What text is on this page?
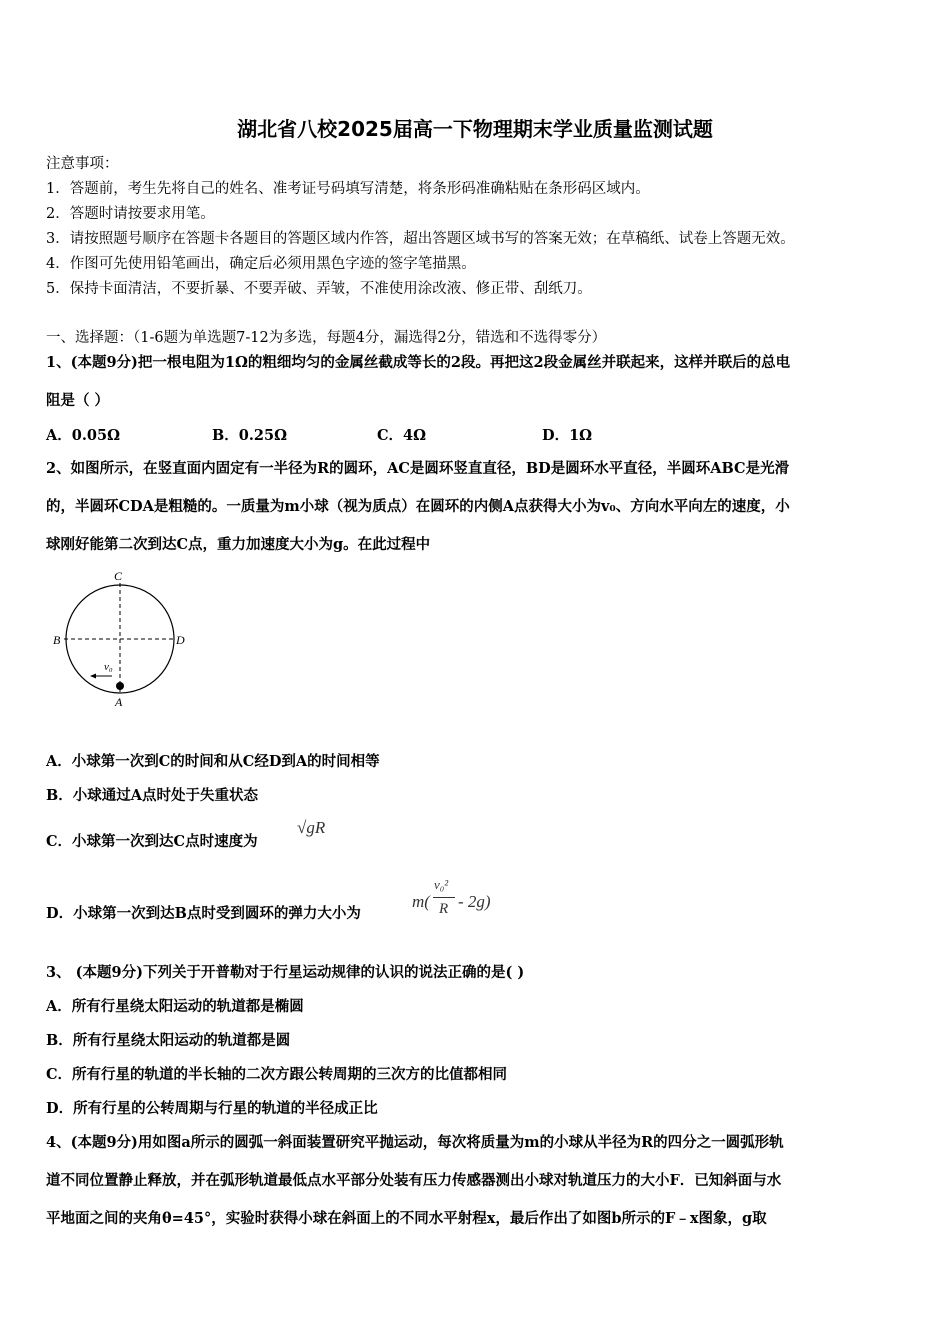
湖北省八校2025届高一下物理期末学业质量监测试题
注意事项：
1．答题前，考生先将自己的姓名、准考证号码填写清楚，将条形码准确粘贴在条形码区域内。
2．答题时请按要求用笔。
3．请按照题号顺序在答题卡各题目的答题区域内作答，超出答题区域书写的答案无效；在草稿纸、试卷上答题无效。
4．作图可先使用铅笔画出，确定后必须用黑色字迹的签字笔描黑。
5．保持卡面清洁，不要折暴、不要弄破、弄皱，不准使用涂改液、修正带、刮纸刀。
一、选择题：（1-6题为单选题7-12为多选，每题4分，漏选得2分，错选和不选得零分）
1、(本题9分)把一根电阻为1Ω的粗细均匀的金属丝截成等长的2段。再把这2段金属丝并联起来，这样并联后的总电
阻是（ ）
A．0.05Ω	B．0.25Ω	C．4Ω	D．1Ω
2、如图所示，在竖直面内固定有一半径为R的圆环，AC是圆环竖直直径，BD是圆环水平直径，半圆环ABC是光滑
的，半圆环CDA是粗糙的。一质量为m小球（视为质点）在圆环的内侧A点获得大小为v₀、方向水平向左的速度，小
球刚好能第二次到达C点，重力加速度大小为g。在此过程中
C
B	D
A
v₀
A．小球第一次到C的时间和从C经D到A的时间相等
B．小球通过A点时处于失重状态
C．小球第一次到达C点时速度为
√gR
D．小球第一次到达B点时受到圆环的弹力大小为
m(
v₀²
R - 2g)
3、 (本题9分)下列关于开普勒对于行星运动规律的认识的说法正确的是( )
A．所有行星绕太阳运动的轨道都是椭圆
B．所有行星绕太阳运动的轨道都是圆
C．所有行星的轨道的半长轴的二次方跟公转周期的三次方的比值都相同
D．所有行星的公转周期与行星的轨道的半径成正比
4、(本题9分)用如图a所示的圆弧一斜面装置研究平抛运动，每次将质量为m的小球从半径为R的四分之一圆弧形轨
道不同位置静止释放，并在弧形轨道最低点水平部分处装有压力传感器测出小球对轨道压力的大小F．已知斜面与水
平地面之间的夹角θ=45°，实验时获得小球在斜面上的不同水平射程x，最后作出了如图b所示的F﹣x图象，g取
